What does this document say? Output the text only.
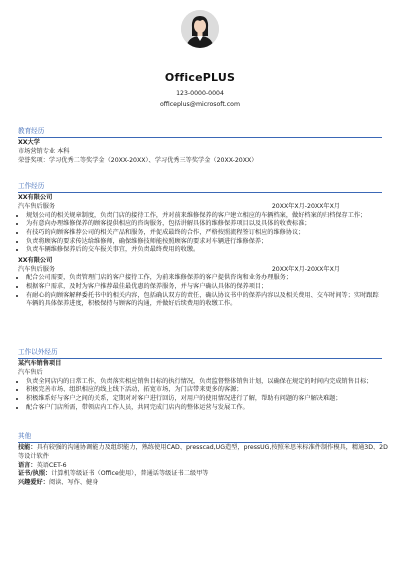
OfficePLUS
123-0000-0004
officeplus@microsoft.com
教育经历
XX大学
市场营销专业 本科
荣誉奖项：学习优秀二等奖学金（20XX-20XX）、学习优秀三等奖学金（20XX-20XX）
工作经历
XX有限公司
汽车售后服务	20XX年X月-20XX年X月
• 规划公司的相关规章制度，负责门店的接待工作，并对前来维修保养的客户建立相应的车辆档案，做好档案的归档保存工作；
• 为有意向办理维修保养的顾客提供相应的咨询服务，包括讲解具体的维修保养项目以及具体的收费标准；
• 有技巧的向顾客推荐公司的相关产品和服务，并促成最终的合作，严格按照流程签订相应的维修协议；
• 负责将顾客的要求传达给维修师，确保维修技师能按照顾客的要求对车辆进行维修保养；
• 负责车辆维修保养后的交车报关事宜，并负责最终费用的收缴。
XX有限公司
汽车售后服务	20XX年X月-20XX年X月
• 配合公司需要，负责管理门店的客户接待工作，为前来维修保养的客户提供咨询和业务办理服务；
• 根据客户需求，及时为客户推荐最佳最优惠的保养服务，并与客户确认具体的保养项目；
• 有耐心的向顾客解释委托书中的相关内容，包括确认双方的责任，确认协议书中的保养内容以及相关费用、交车时间等；实时跟踪车辆的具体保养进度，积极保持与顾客的沟通，并做好后续费用的收缴工作。
工作以外经历
某汽车销售项目
汽车售后
• 负责全同店内的日常工作，负责落实相应销售目标的执行情况，负责监督整体销售计划，以确保在规定的时间内完成销售目标；
• 积极完善市场、组织相应的线上线下活动，拓宽市场，为门店带来更多的客源；
• 积极维系好与客户之间的关系，定期对对客户进行回访，对用户的使用情况进行了解，帮助有问题的客户解决难题；
• 配合客户门店所需，带领店内工作人员，共同完成门店内的整体运营与发展工作。
其他
技能：具有较强的沟通协调能力及组织能力，熟练使用CAD、presscad,UG造型，pressUG,按照米思米标准件制作模具，精通3D、2D
等设计软件
语言：英语CET-6
证书/执照：计算机等级证书（Office使用），普通话等级证书二级甲等
兴趣爱好：阅读、写作、健身
